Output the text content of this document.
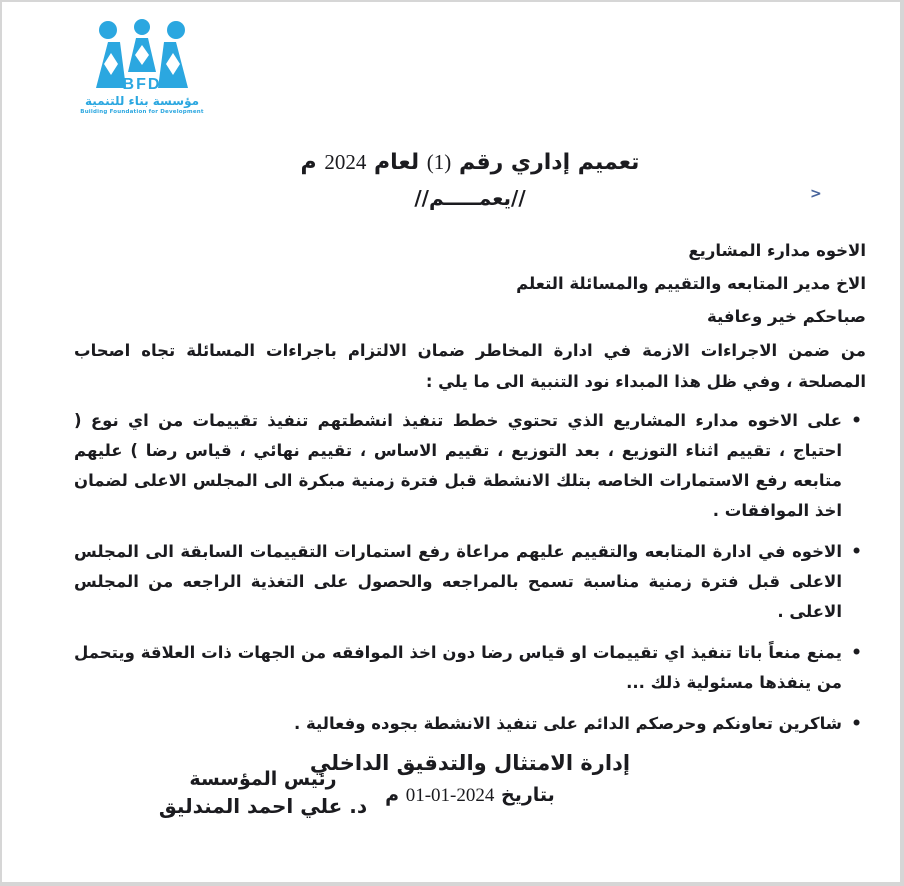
BFD
مؤسسة بناء للتنمية
Building Foundation for Development
>
تعميم إداري رقم (1) لعام 2024 م
//يعمـــــم//
الاخوه مدارء المشاريع
الاخ مدير المتابعه والتقييم والمسائلة التعلم
صباحكم خير وعافية
من ضمن الاجراءات الازمة في ادارة المخاطر ضمان الالتزام باجراءات المسائلة تجاه اصحاب المصلحة ، وفي ظل هذا المبداء نود التنبية الى ما يلي :
• على الاخوه مدارء المشاريع الذي تحتوي خطط تنفيذ انشطتهم تنفيذ تقييمات من اي نوع ( احتياج ، تقييم اثناء التوزيع ، بعد التوزيع ، تقييم الاساس ، تقييم نهائي ، قياس رضا ) عليهم متابعه رفع الاستمارات الخاصه بتلك الانشطة قبل فترة زمنية مبكرة الى المجلس الاعلى لضمان اخذ الموافقات .
• الاخوه في ادارة المتابعه والتقييم عليهم مراعاة رفع استمارات التقييمات السابقة الى المجلس الاعلى قبل فترة زمنية مناسبة تسمح بالمراجعه والحصول على التغذية الراجعه من المجلس الاعلى .
• يمنع منعاً باتا تنفيذ اي تقييمات او قياس رضا دون اخذ الموافقه من الجهات ذات العلاقة ويتحمل من ينفذها مسئولية ذلك ...
• شاكرين تعاونكم وحرصكم الدائم على تنفيذ الانشطة بجوده وفعالية .
إدارة الامتثال والتدقيق الداخلي
بتاريخ 01-01-2024 م
رئيس المؤسسة
د. علي احمد المندليق
